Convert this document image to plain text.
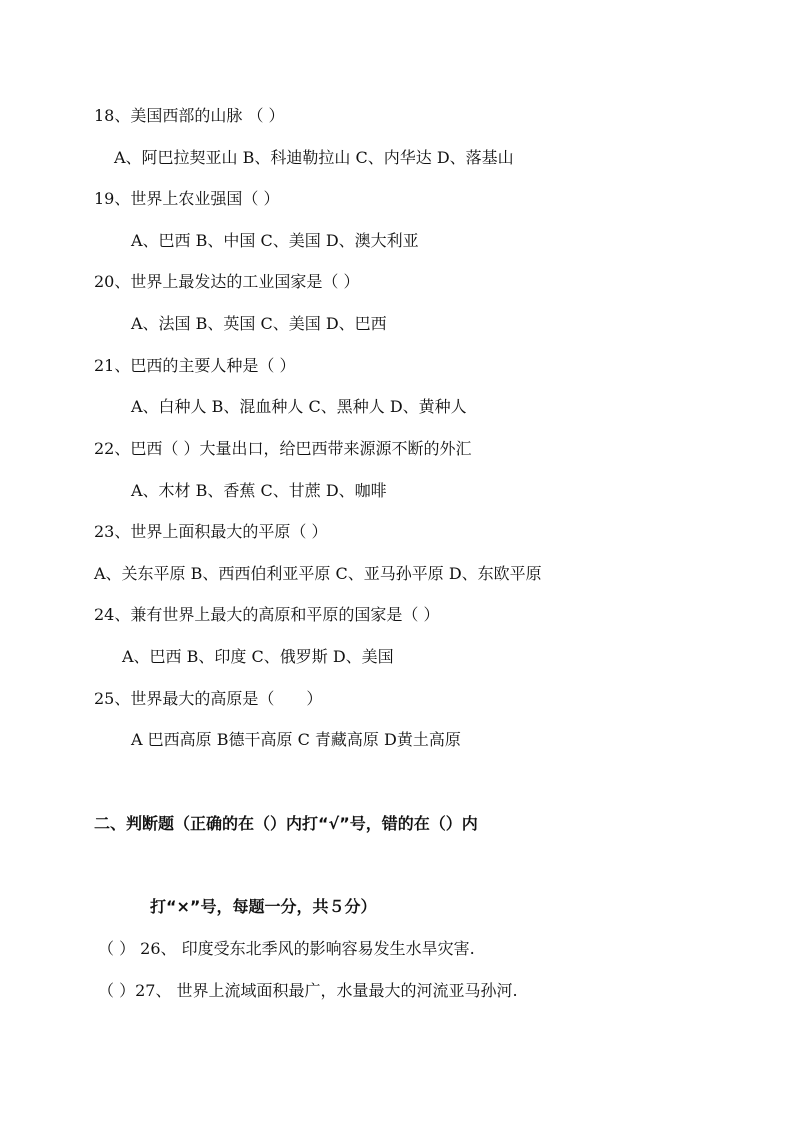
18、美国西部的山脉 （ ）
A、阿巴拉契亚山 B、科迪勒拉山 C、内华达 D、落基山
19、世界上农业强国（ ）
A、巴西 B、中国 C、美国 D、澳大利亚
20、世界上最发达的工业国家是（ ）
A、法国 B、英国 C、美国 D、巴西
21、巴西的主要人种是（ ）
A、白种人 B、混血种人 C、黑种人 D、黄种人
22、巴西（ ）大量出口，给巴西带来源源不断的外汇
A、木材 B、香蕉 C、甘蔗 D、咖啡
23、世界上面积最大的平原（ ）
A、关东平原 B、西西伯利亚平原 C、亚马孙平原 D、东欧平原
24、兼有世界上最大的高原和平原的国家是（ ）
A、巴西 B、印度 C、俄罗斯 D、美国
25、世界最大的高原是（　　）
A 巴西高原 B德干高原 C 青藏高原 D黄土高原
二、判断题（正确的在（）内打“√”号，错的在（）内
打“×”号，每题一分，共５分）
（ ） 26、 印度受东北季风的影响容易发生水旱灾害.
（ ）27、 世界上流域面积最广，水量最大的河流亚马孙河.
